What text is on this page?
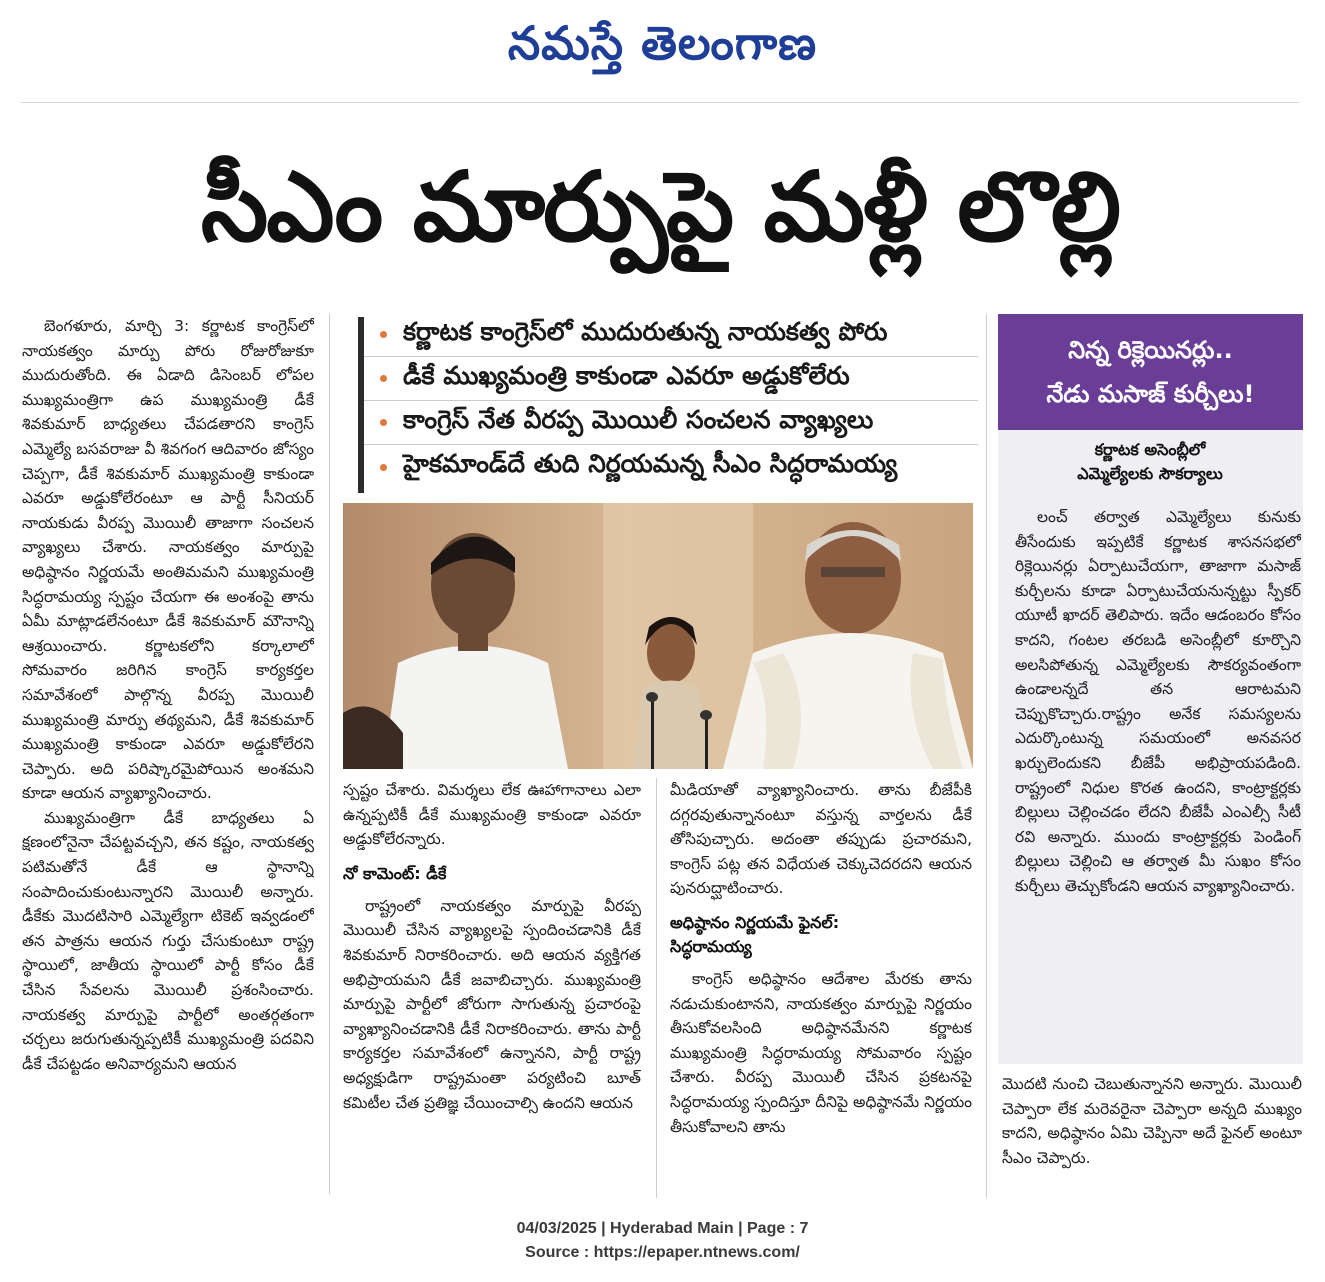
నమస్తే తెలంగాణ
సీఎం మార్పుపై మళ్లీ లొల్లి

బెంగళూరు, మార్చి 3: కర్ణాటక కాంగ్రెస్‌లో నాయకత్వం మార్పు పోరు రోజురోజుకూ ముదురుతోంది. ఈ ఏడాది డిసెంబర్ లోపల ముఖ్యమంత్రిగా ఉప ముఖ్యమంత్రి డీకే శివకుమార్ బాధ్యతలు చేపడతారని కాంగ్రెస్ ఎమ్మెల్యే బసవరాజు వీ శివగంగ ఆదివారం జోస్యం చెప్పగా, డీకే శివకుమార్ ముఖ్యమంత్రి కాకుండా ఎవరూ అడ్డుకోలేరంటూ ఆ పార్టీ సీనియర్ నాయకుడు వీరప్ప మొయిలీ తాజాగా సంచలన వ్యాఖ్యలు చేశారు. నాయకత్వం మార్పుపై అధిష్ఠానం నిర్ణయమే అంతిమమని ముఖ్యమంత్రి సిద్ధరామయ్య స్పష్టం చేయగా ఈ అంశంపై తాను ఏమీ మాట్లాడలేనంటూ డీకే శివకుమార్ మౌనాన్ని ఆశ్రయించారు. కర్ణాటకలోని కర్కాలాలో సోమవారం జరిగిన కాంగ్రెస్ కార్యకర్తల సమావేశంలో పాల్గొన్న వీరప్ప మొయిలీ ముఖ్యమంత్రి మార్పు తథ్యమని, డీకే శివకుమార్ ముఖ్యమంత్రి కాకుండా ఎవరూ అడ్డుకోలేరని చెప్పారు. అది పరిష్కారమైపోయిన అంశమని కూడా ఆయన వ్యాఖ్యానించారు.

ముఖ్యమంత్రిగా డీకే బాధ్యతలు ఏ క్షణంలోనైనా చేపట్టవచ్చని, తన కష్టం, నాయకత్వ పటిమతోనే డీకే ఆ స్థానాన్ని సంపాదించుకుంటున్నారని మొయిలీ అన్నారు. డీకేకు మొదటిసారి ఎమ్మెల్యేగా టికెట్ ఇవ్వడంలో తన పాత్రను ఆయన గుర్తు చేసుకుంటూ రాష్ట్ర స్థాయిలో, జాతీయ స్థాయిలో పార్టీ కోసం డీకే చేసిన సేవలను మొయిలీ ప్రశంసించారు. నాయకత్వ మార్పుపై పార్టీలో అంతర్గతంగా చర్చలు జరుగుతున్నప్పటికీ ముఖ్యమంత్రి పదవిని డీకే చేపట్టడం అనివార్యమని ఆయన

కర్ణాటక కాంగ్రెస్‌లో ముదురుతున్న నాయకత్వ పోరు
డీకే ముఖ్యమంత్రి కాకుండా ఎవరూ అడ్డుకోలేరు
కాంగ్రెస్ నేత వీరప్ప మొయిలీ సంచలన వ్యాఖ్యలు
హైకమాండ్‌దే తుది నిర్ణయమన్న సీఎం సిద్ధరామయ్య

స్పష్టం చేశారు. విమర్శలు లేక ఊహాగానాలు ఎలా ఉన్నప్పటికీ డీకే ముఖ్యమంత్రి కాకుండా ఎవరూ అడ్డుకోలేరన్నారు.

నో కామెంట్: డీకే

రాష్ట్రంలో నాయకత్వం మార్పుపై వీరప్ప మొయిలీ చేసిన వ్యాఖ్యలపై స్పందించడానికి డీకే శివకుమార్ నిరాకరించారు. అది ఆయన వ్యక్తిగత అభిప్రాయమని డీకే జవాబిచ్చారు. ముఖ్యమంత్రి మార్పుపై పార్టీలో జోరుగా సాగుతున్న ప్రచారంపై వ్యాఖ్యానించడానికి డీకే నిరాకరించారు. తాను పార్టీ కార్యకర్తల సమావేశంలో ఉన్నానని, పార్టీ రాష్ట్ర అధ్యక్షుడిగా రాష్ట్రమంతా పర్యటించి బూత్ కమిటీల చేత ప్రతిజ్ఞ చేయించాల్సి ఉందని ఆయన

మీడియాతో వ్యాఖ్యానించారు. తాను బీజేపీకి దగ్గరవుతున్నానంటూ వస్తున్న వార్తలను డీకే తోసిపుచ్చారు. అదంతా తప్పుడు ప్రచారమని, కాంగ్రెస్ పట్ల తన విధేయత చెక్కుచెదరదని ఆయన పునరుద్ఘాటించారు.

అధిష్ఠానం నిర్ణయమే ఫైనల్:
సిద్ధరామయ్య

కాంగ్రెస్ అధిష్ఠానం ఆదేశాల మేరకు తాను నడుచుకుంటానని, నాయకత్వం మార్పుపై నిర్ణయం తీసుకోవలసింది అధిష్ఠానమేనని కర్ణాటక ముఖ్యమంత్రి సిద్ధరామయ్య సోమవారం స్పష్టం చేశారు. వీరప్ప మొయిలీ చేసిన ప్రకటనపై సిద్ధరామయ్య స్పందిస్తూ దీనిపై అధిష్ఠానమే నిర్ణయం తీసుకోవాలని తాను

నిన్న రిక్లెయినర్లు..
నేడు మసాజ్ కుర్చీలు!
కర్ణాటక అసెంబ్లీలో
ఎమ్మెల్యేలకు సౌకర్యాలు

లంచ్ తర్వాత ఎమ్మెల్యేలు కునుకు తీసేందుకు ఇప్పటికే కర్ణాటక శాసనసభలో రిక్లెయినర్లు ఏర్పాటుచేయగా, తాజాగా మసాజ్ కుర్చీలను కూడా ఏర్పాటుచేయనున్నట్టు స్పీకర్ యూటీ ఖాదర్ తెలిపారు. ఇదేం ఆడంబరం కోసం కాదని, గంటల తరబడి అసెంబ్లీలో కూర్చొని అలసిపోతున్న ఎమ్మెల్యేలకు సౌకర్యవంతంగా ఉండాలన్నదే తన ఆరాటమని చెప్పుకొచ్చారు.రాష్ట్రం అనేక సమస్యలను ఎదుర్కొంటున్న సమయంలో అనవసర ఖర్చులెందుకని బీజేపీ అభిప్రాయపడింది. రాష్ట్రంలో నిధుల కొరత ఉందని, కాంట్రాక్టర్లకు బిల్లులు చెల్లించడం లేదని బీజేపీ ఎంఎల్సీ సీటీ రవి అన్నారు. ముందు కాంట్రాక్టర్లకు పెండింగ్ బిల్లులు చెల్లించి ఆ తర్వాత మీ సుఖం కోసం కుర్చీలు తెచ్చుకోండని ఆయన వ్యాఖ్యానించారు.

మొదటి నుంచి చెబుతున్నానని అన్నారు. మొయిలీ చెప్పారా లేక మరెవరైనా చెప్పారా అన్నది ముఖ్యం కాదని, అధిష్ఠానం ఏమి చెప్పినా అదే ఫైనల్ అంటూ సీఎం చెప్పారు.

04/03/2025 | Hyderabad Main | Page : 7
Source : https://epaper.ntnews.com/
